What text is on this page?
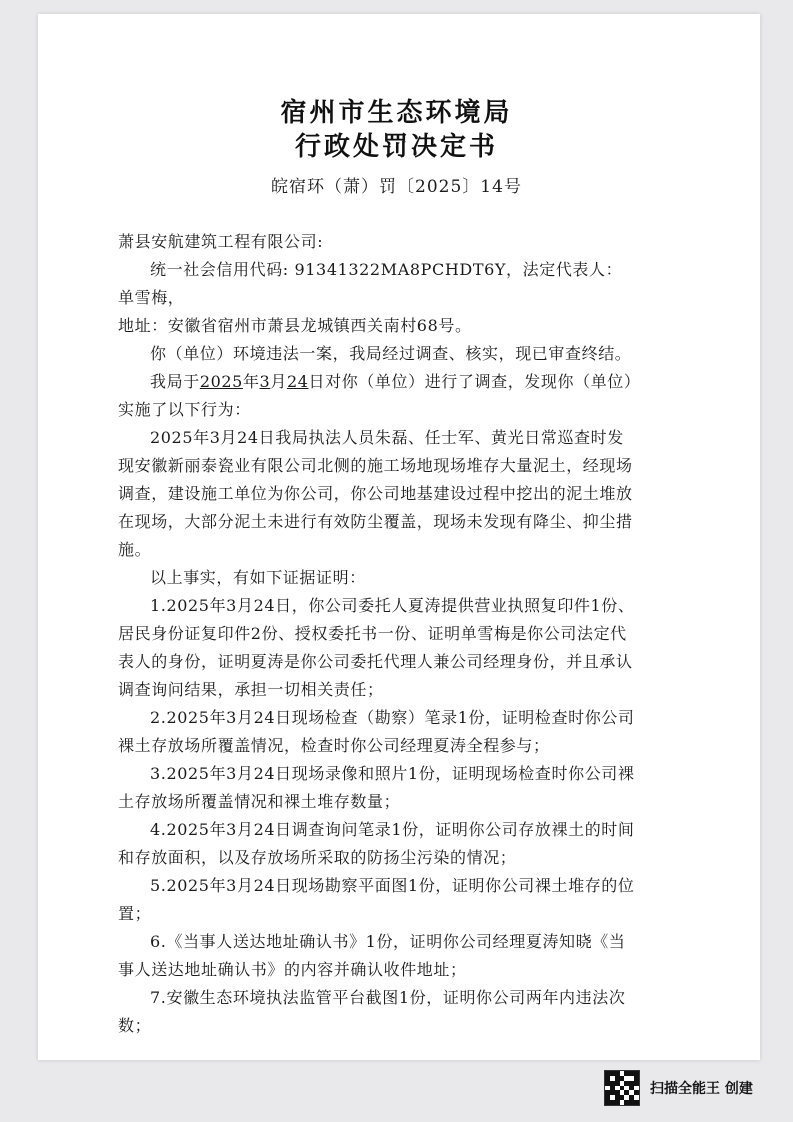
宿州市生态环境局
行政处罚决定书
皖宿环（萧）罚〔2025〕14号

萧县安航建筑工程有限公司:

统一社会信用代码: 91341322MA8PCHDT6Y，法定代表人：单雪梅，

地址：安徽省宿州市萧县龙城镇西关南村68号。

你（单位）环境违法一案，我局经过调查、核实，现已审查终结。

我局于2025年3月24日对你（单位）进行了调查，发现你（单位）实施了以下行为：

2025年3月24日我局执法人员朱磊、任士军、黄光日常巡查时发现安徽新丽泰瓷业有限公司北侧的施工场地现场堆存大量泥土，经现场调查，建设施工单位为你公司，你公司地基建设过程中挖出的泥土堆放在现场，大部分泥土未进行有效防尘覆盖，现场未发现有降尘、抑尘措施。

以上事实，有如下证据证明：

1.2025年3月24日，你公司委托人夏涛提供营业执照复印件1份、居民身份证复印件2份、授权委托书一份、证明单雪梅是你公司法定代表人的身份，证明夏涛是你公司委托代理人兼公司经理身份，并且承认调查询问结果，承担一切相关责任；

2.2025年3月24日现场检查（勘察）笔录1份，证明检查时你公司裸土存放场所覆盖情况，检查时你公司经理夏涛全程参与；

3.2025年3月24日现场录像和照片1份，证明现场检查时你公司裸土存放场所覆盖情况和裸土堆存数量；

4.2025年3月24日调查询问笔录1份，证明你公司存放裸土的时间和存放面积，以及存放场所采取的防扬尘污染的情况；

5.2025年3月24日现场勘察平面图1份，证明你公司裸土堆存的位置；

6.《当事人送达地址确认书》1份，证明你公司经理夏涛知晓《当事人送达地址确认书》的内容并确认收件地址；

7.安徽生态环境执法监管平台截图1份，证明你公司两年内违法次数；

扫描全能王 创建
